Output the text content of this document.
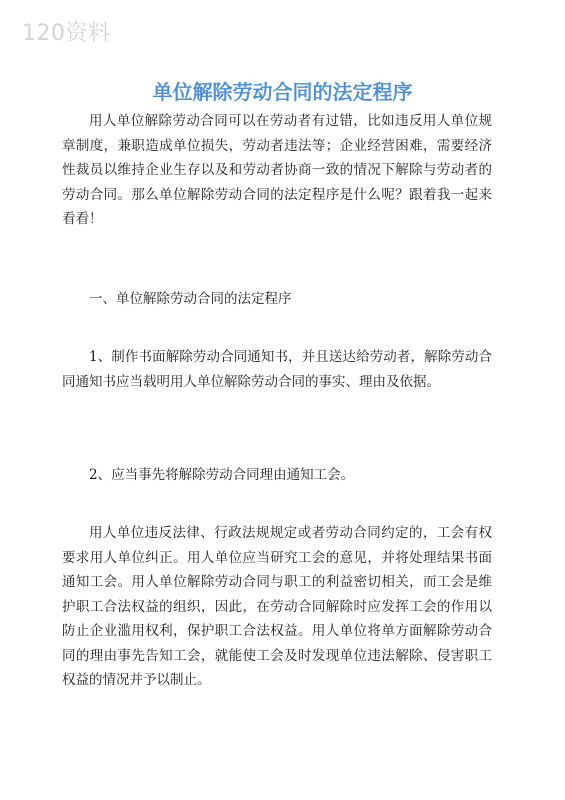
120资料
单位解除劳动合同的法定程序

用人单位解除劳动合同可以在劳动者有过错，比如违反用人单位规章制度，兼职造成单位损失，劳动者违法等；企业经营困难，需要经济性裁员以维持企业生存以及和劳动者协商一致的情况下解除与劳动者的劳动合同。那么单位解除劳动合同的法定程序是什么呢？跟着我一起来看看！

一、单位解除劳动合同的法定程序

1、制作书面解除劳动合同通知书，并且送达给劳动者，解除劳动合同通知书应当载明用人单位解除劳动合同的事实、理由及依据。

2、应当事先将解除劳动合同理由通知工会。

用人单位违反法律、行政法规规定或者劳动合同约定的，工会有权要求用人单位纠正。用人单位应当研究工会的意见，并将处理结果书面通知工会。用人单位解除劳动合同与职工的利益密切相关，而工会是维护职工合法权益的组织，因此，在劳动合同解除时应发挥工会的作用以防止企业滥用权利，保护职工合法权益。用人单位将单方面解除劳动合同的理由事先告知工会，就能使工会及时发现单位违法解除、侵害职工权益的情况并予以制止。
